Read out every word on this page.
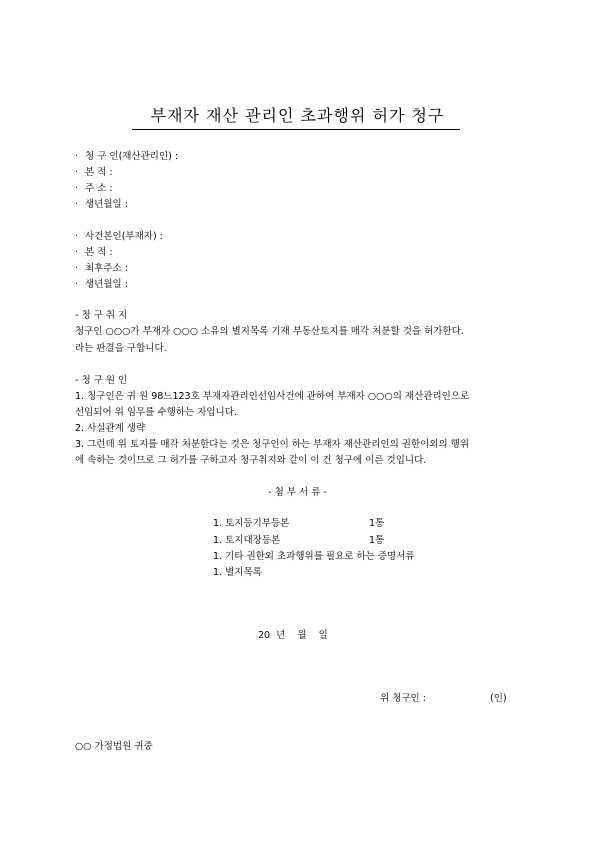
부재자 재산 관리인 초과행위 허가 청구
· 청 구 인(재산관리인) :
· 본 적 :
· 주 소 :
· 생년월일 :
· 사건본인(부재자) :
· 본 적 :
· 최후주소 :
· 생년월일 :
- 청 구 취 지
청구인 ○○○가 부재자 ○○○ 소유의 별지목록 기재 부동산토지를 매각 처분할 것을 허가한다.
라는 판결을 구합니다.
- 청 구 원 인
1. 청구인은 귀 원 98느123호 부재자관리인선임사건에 관하여 부재자 ○○○의 재산관리인으로
선임되어 위 임무를 수행하는 자입니다.
2. 사실관계 생략
3. 그런데 위 토지를 매각 처분한다는 것은 청구인이 하는 부재자 재산관리인의 권한이외의 행위
에 속하는 것이므로 그 허가를 구하고자 청구취지와 같이 이 건 청구에 이른 것입니다.
- 첨 부 서 류 -
1. 토지등기부등본	1통
1. 토지대장등본	1통
1. 기타 권한외 초과행위를 필요로 하는 증명서류
1. 별지목록
20  년    월    일
위 청구인 :	(인)
○○ 가정법원 귀중
